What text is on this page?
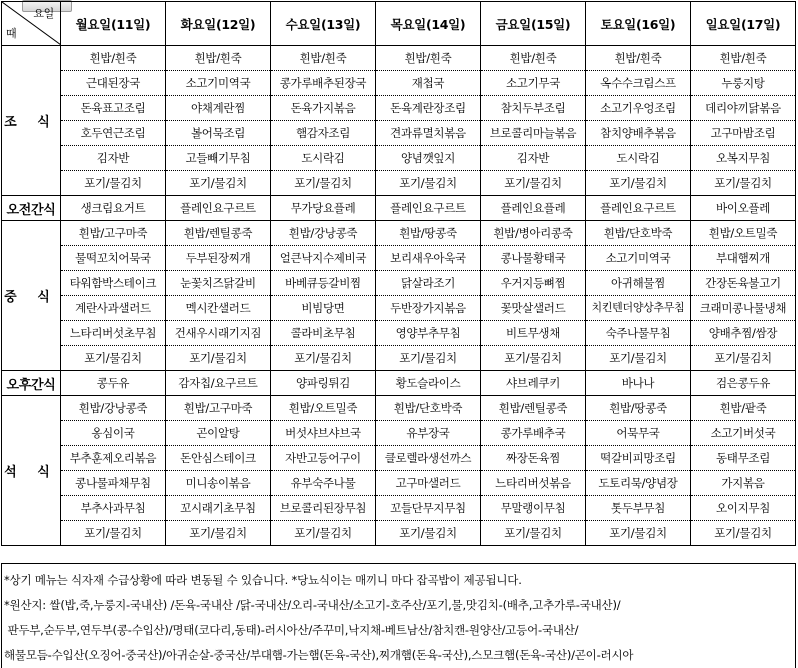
요일
때	월요일(11일)	화요일(12일)	수요일(13일)	목요일(14일)	금요일(15일)	토요일(16일)	일요일(17일)
조 식	흰밥/흰죽	흰밥/흰죽	흰밥/흰죽	흰밥/흰죽	흰밥/흰죽	흰밥/흰죽	흰밥/흰죽
	근대된장국	소고기미역국	콩가루배추된장국	재첩국	소고기무국	옥수수크림스프	누룽지탕
	돈육표고조림	야채계란찜	돈육가지볶음	돈육계란장조림	참치두부조림	소고기우엉조림	데리야끼닭볶음
	호두연근조림	볼어묵조림	햄감자조림	견과류멸치볶음	브로콜리마늘볶음	참치양배추볶음	고구마밤조림
	김자반	고들빼기무침	도시락김	양념깻잎지	김자반	도시락김	오복지무침
	포기/물김치	포기/물김치	포기/물김치	포기/물김치	포기/물김치	포기/물김치	포기/물김치
오전간식	생크림요거트	플레인요구르트	무가당요플레	플레인요구르트	플레인요플레	플레인요구르트	바이오플레
중 식	흰밥/고구마죽	흰밥/렌틸콩죽	흰밥/강낭콩죽	흰밥/땅콩죽	흰밥/병아리콩죽	흰밥/단호박죽	흰밥/오트밀죽
	물떡꼬치어묵국	두부된장찌개	얼큰낙지수제비국	보리새우아욱국	콩나물황태국	소고기미역국	부대햄찌개
	타워함박스테이크	눈꽃치즈닭갈비	바베큐등갈비찜	닭살라조기	우거지등뼈찜	아귀해물찜	간장돈육불고기
	계란사과샐러드	멕시칸샐러드	비빔당면	두반장가지볶음	꽃맛살샐러드	치킨텐더양상추무침	크래미콩나물냉채
	느타리버섯초무침	건새우시래기지짐	콜라비초무침	영양부추무침	비트무생채	숙주나물무침	양배추찜/쌈장
	포기/물김치	포기/물김치	포기/물김치	포기/물김치	포기/물김치	포기/물김치	포기/물김치
오후간식	콩두유	감자칩/요구르트	양파링튀김	황도슬라이스	샤브레쿠키	바나나	검은콩두유
석 식	흰밥/강낭콩죽	흰밥/고구마죽	흰밥/오트밀죽	흰밥/단호박죽	흰밥/렌틸콩죽	흰밥/땅콩죽	흰밥/팥죽
	옹심이국	곤이알탕	버섯샤브샤브국	유부장국	콩가루배추국	어묵무국	소고기버섯국
	부추훈제오리볶음	돈안심스테이크	자반고등어구이	클로렐라생선까스	짜장돈육찜	떡갈비피망조림	동태무조림
	콩나물파채무침	미니송이볶음	유부숙주나물	고구마샐러드	느타리버섯볶음	도토리묵/양념장	가지볶음
	부추사과무침	꼬시래기초무침	브로콜리된장무침	꼬들단무지무침	무말랭이무침	톳두부무침	오이지무침
	포기/물김치	포기/물김치	포기/물김치	포기/물김치	포기/물김치	포기/물김치	포기/물김치
*상기 메뉴는 식자재 수급상황에 따라 변동될 수 있습니다. *당뇨식이는 매끼니 마다 잡곡밥이 제공됩니다.
*원산지: 쌀(밥,죽,누룽지-국내산) /돈육-국내산 /닭-국내산/오리-국내산/소고기-호주산/포기,물,맛김치-(배추,고추가루-국내산)/
판두부,순두부,연두부(콩-수입산)/명태(코다리,동태)-러시아산/주꾸미,낙지채-베트남산/참치캔-원양산/고등어-국내산/
해물모듬-수입산(오징어-중국산)/아귀순살-중국산/부대햄-가는햄(돈육-국산),찌개햄(돈육-국산),스모크햄(돈육-국산)/곤이-러시아
